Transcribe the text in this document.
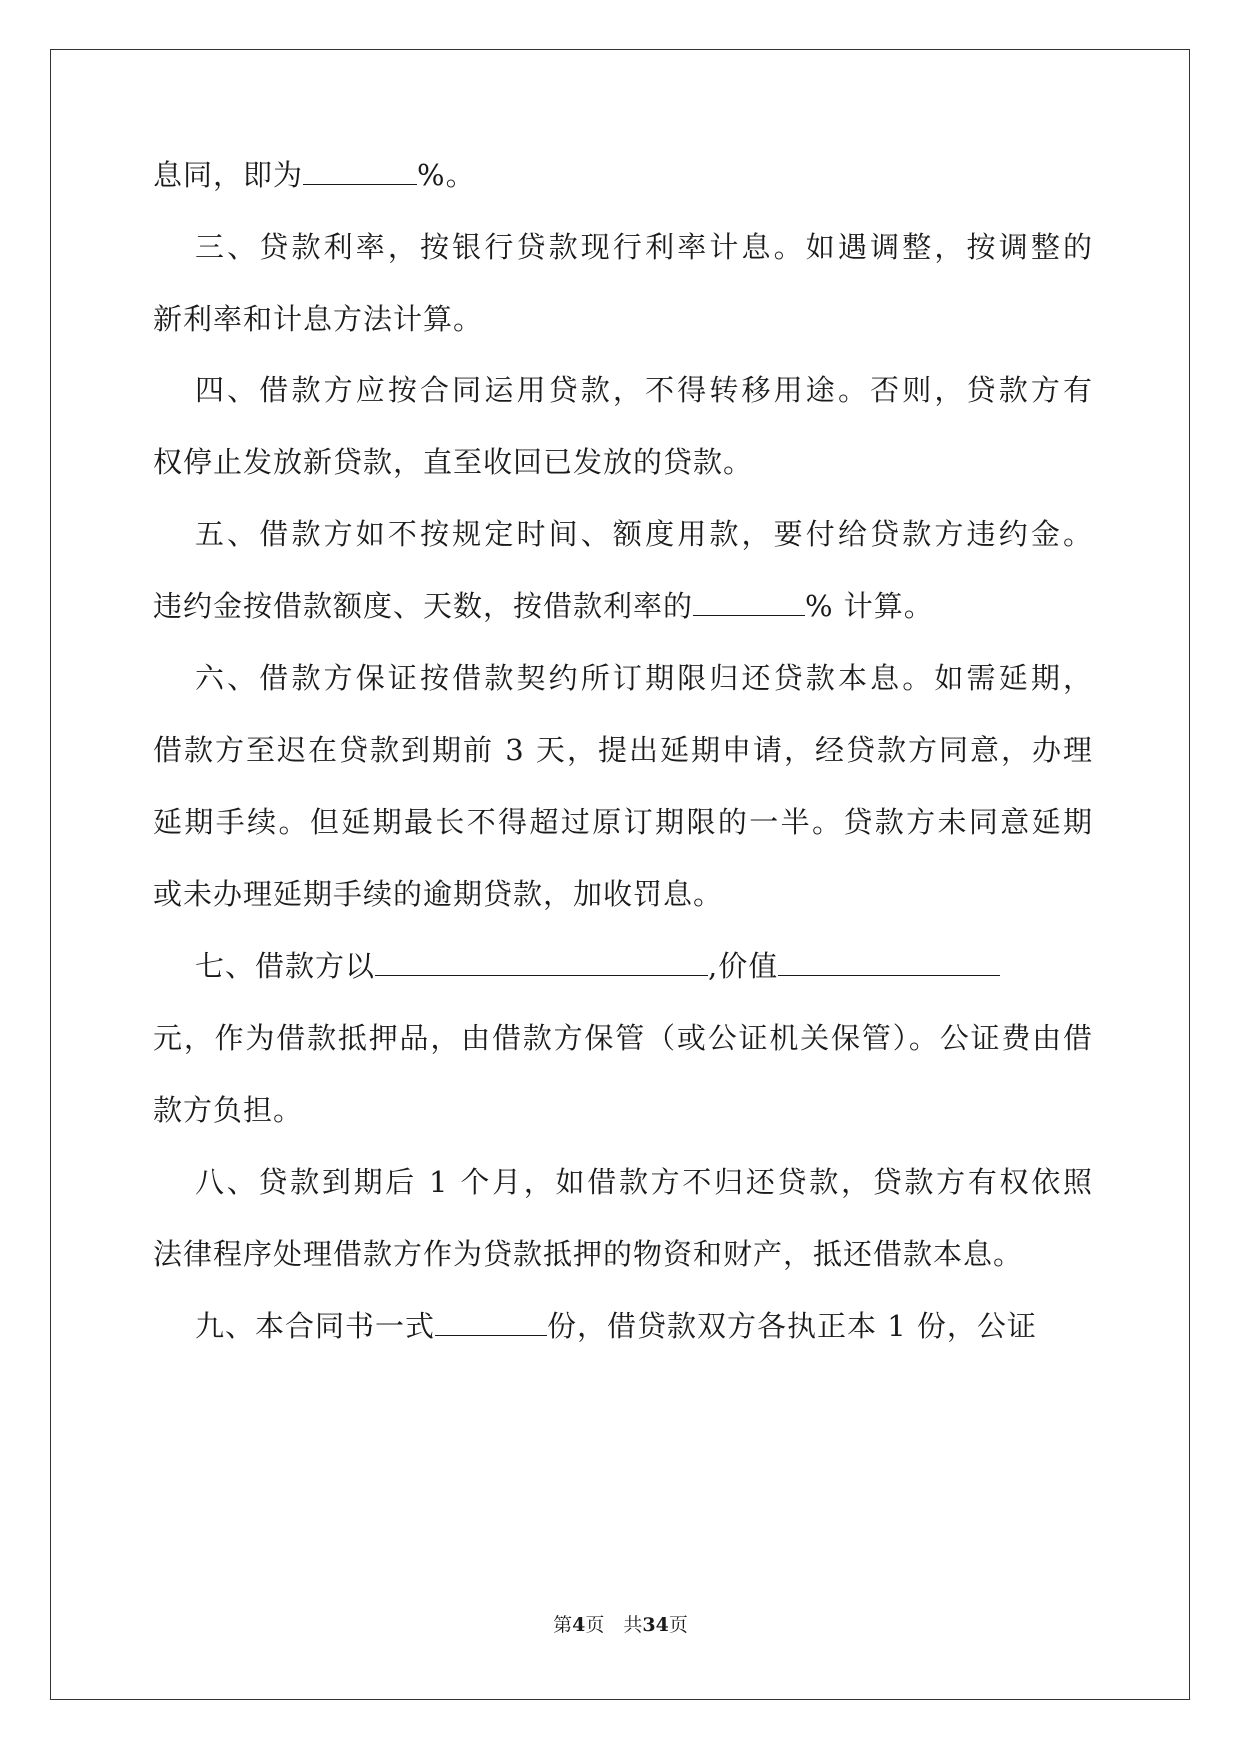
息同，即为	%。
三、贷款利率，按银行贷款现行利率计息。如遇调整，按调整的
新利率和计息方法计算。
四、借款方应按合同运用贷款，不得转移用途。否则，贷款方有
权停止发放新贷款，直至收回已发放的贷款。
五、借款方如不按规定时间、额度用款，要付给贷款方违约金。
违约金按借款额度、天数，按借款利率的	% 计算。
六、借款方保证按借款契约所订期限归还贷款本息。如需延期，
借款方至迟在贷款到期前 3 天，提出延期申请，经贷款方同意，办理
延期手续。但延期最长不得超过原订期限的一半。贷款方未同意延期
或未办理延期手续的逾期贷款，加收罚息。
七、借款方以	,价值
元，作为借款抵押品，由借款方保管（或公证机关保管）。公证费由借
款方负担。
八、贷款到期后 1 个月，如借款方不归还贷款，贷款方有权依照
法律程序处理借款方作为贷款抵押的物资和财产，抵还借款本息。
九、本合同书一式	份，借贷款双方各执正本 1 份，公证
第4页　共34页
